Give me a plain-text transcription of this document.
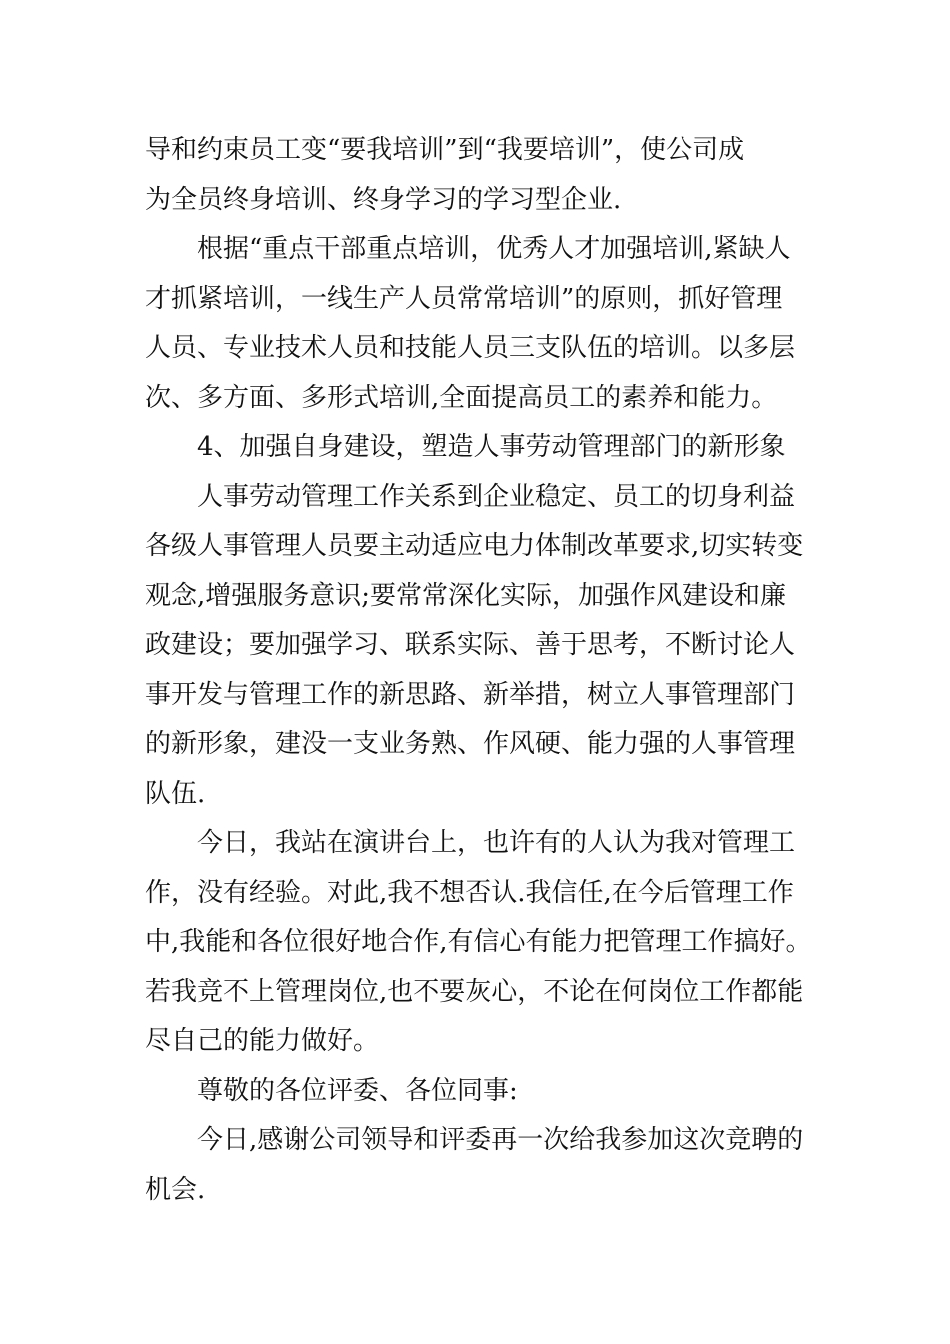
导和约束员工变“要我培训”到“我要培训”，使公司成
为全员终身培训、终身学习的学习型企业.
根据“重点干部重点培训，优秀人才加强培训,紧缺人
才抓紧培训，一线生产人员常常培训”的原则，抓好管理
人员、专业技术人员和技能人员三支队伍的培训。以多层
次、多方面、多形式培训,全面提高员工的素养和能力。
4、加强自身建设，塑造人事劳动管理部门的新形象
人事劳动管理工作关系到企业稳定、员工的切身利益
各级人事管理人员要主动适应电力体制改革要求,切实转变
观念,增强服务意识;要常常深化实际，加强作风建设和廉
政建设；要加强学习、联系实际、善于思考，不断讨论人
事开发与管理工作的新思路、新举措，树立人事管理部门
的新形象，建没一支业务熟、作风硬、能力强的人事管理
队伍.
今日，我站在演讲台上，也许有的人认为我对管理工
作，没有经验。对此,我不想否认.我信任,在今后管理工作
中,我能和各位很好地合作,有信心有能力把管理工作搞好。
若我竞不上管理岗位,也不要灰心，不论在何岗位工作都能
尽自己的能力做好。
尊敬的各位评委、各位同事:
今日,感谢公司领导和评委再一次给我参加这次竞聘的
机会.
